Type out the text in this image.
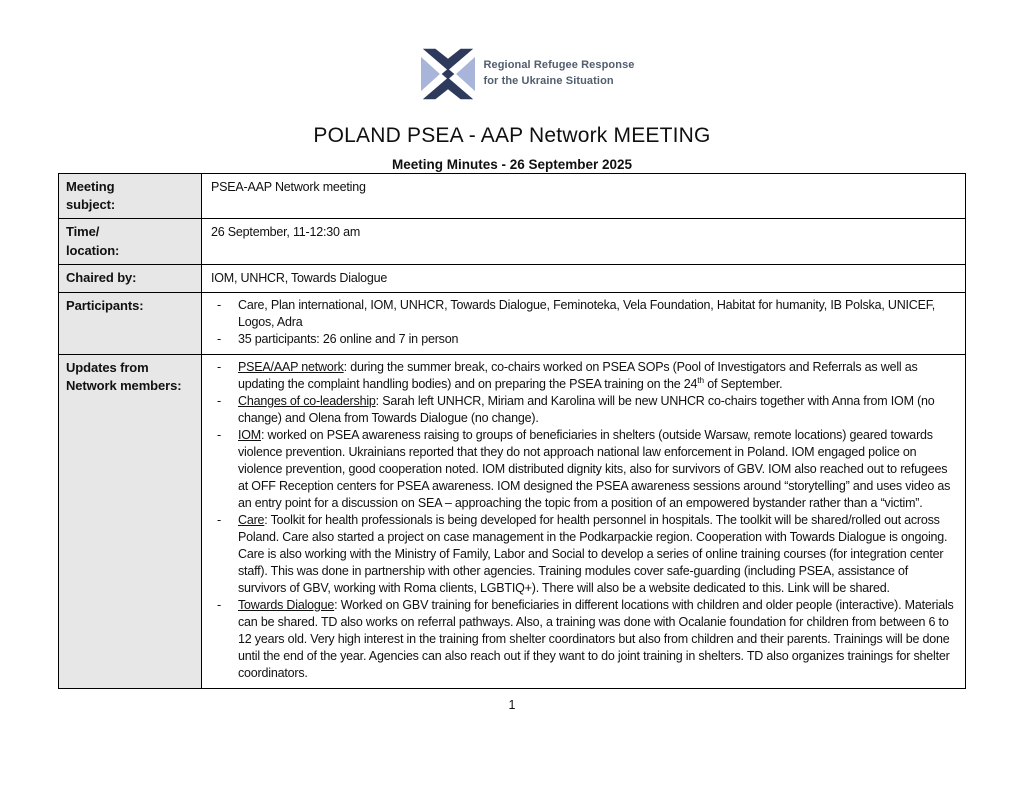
Regional Refugee Response
for the Ukraine Situation
POLAND PSEA - AAP Network MEETING
Meeting Minutes - 26 September 2025
Meeting
subject:	PSEA-AAP Network meeting

Time/
location:	26 September, 11-12:30 am

Chaired by:	IOM, UNHCR, Towards Dialogue

Participants:	- Care, Plan international, IOM, UNHCR, Towards Dialogue, Feminoteka, Vela Foundation, Habitat for humanity, IB Polska, UNICEF, Logos, Adra
- 35 participants: 26 online and 7 in person

Updates from
Network members:

-	PSEA/AAP network: during the summer break, co-chairs worked on PSEA SOPs (Pool of Investigators and Referrals as well as updating the complaint handling bodies) and on preparing the PSEA training on the 24th of September.
-	Changes of co-leadership: Sarah left UNHCR, Miriam and Karolina will be new UNHCR co-chairs together with Anna from IOM (no change) and Olena from Towards Dialogue (no change).
-	IOM: worked on PSEA awareness raising to groups of beneficiaries in shelters (outside Warsaw, remote locations) geared towards violence prevention. Ukrainians reported that they do not approach national law enforcement in Poland. IOM engaged police on violence prevention, good cooperation noted. IOM distributed dignity kits, also for survivors of GBV. IOM also reached out to refugees at OFF Reception centers for PSEA awareness. IOM designed the PSEA awareness sessions around “storytelling” and uses video as an entry point for a discussion on SEA – approaching the topic from a position of an empowered bystander rather than a “victim”.
-	Care: Toolkit for health professionals is being developed for health personnel in hospitals. The toolkit will be shared/rolled out across Poland. Care also started a project on case management in the Podkarpackie region. Cooperation with Towards Dialogue is ongoing. Care is also working with the Ministry of Family, Labor and Social to develop a series of online training courses (for integration center staff). This was done in partnership with other agencies. Training modules cover safe-guarding (including PSEA, assistance of survivors of GBV, working with Roma clients, LGBTIQ+). There will also be a website dedicated to this. Link will be shared.
-	Towards Dialogue: Worked on GBV training for beneficiaries in different locations with children and older people (interactive). Materials can be shared. TD also works on referral pathways. Also, a training was done with Ocalanie foundation for children from between 6 to 12 years old. Very high interest in the training from shelter coordinators but also from children and their parents. Trainings will be done until the end of the year. Agencies can also reach out if they want to do joint training in shelters. TD also organizes trainings for shelter coordinators.
1
